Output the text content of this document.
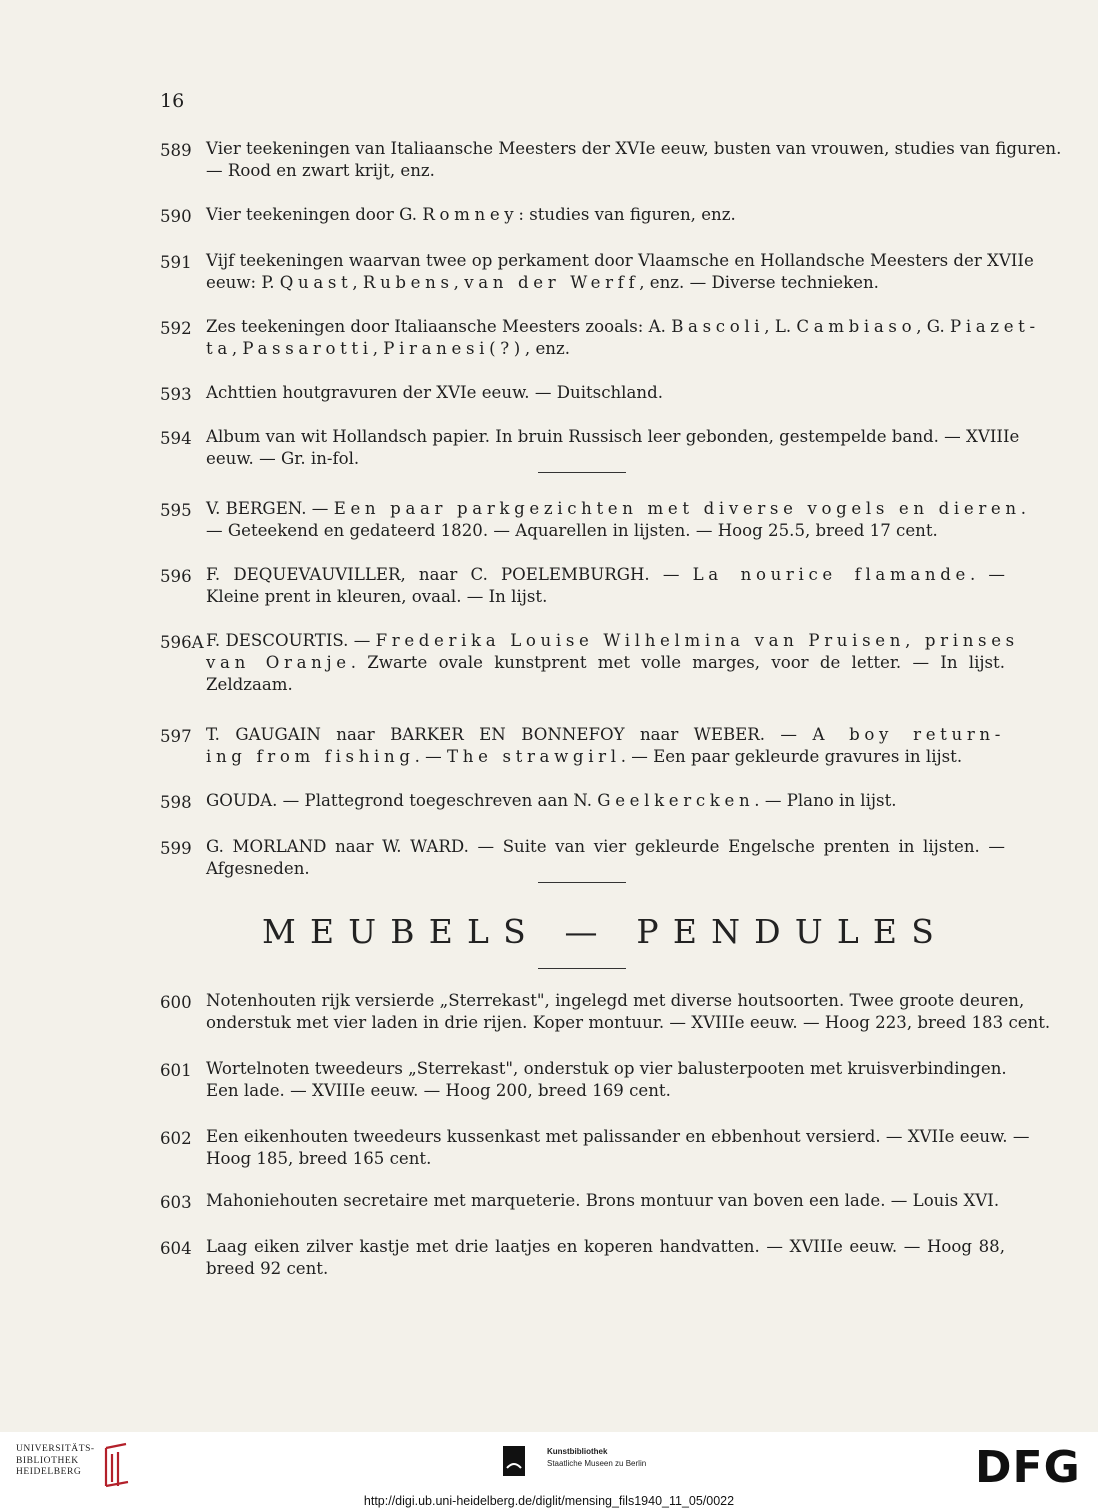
16
589 Vier teekeningen van Italiaansche Meesters der XVIe eeuw, busten van vrouwen, studies van figuren.
— Rood en zwart krijt, enz.
590 Vier teekeningen door G. Romney: studies van figuren, enz.
591 Vijf teekeningen waarvan twee op perkament door Vlaamsche en Hollandsche Meesters der XVIIe
eeuw: P. Quast, Rubens, van der Werff, enz. — Diverse technieken.
592 Zes teekeningen door Italiaansche Meesters zooals: A. Bascoli, L. Cambiaso, G. Piazet-
ta, Passarotti, Piranesi(?), enz.
593 Achttien houtgravuren der XVIe eeuw. — Duitschland.
594 Album van wit Hollandsch papier. In bruin Russisch leer gebonden, gestempelde band. — XVIIIe
eeuw. — Gr. in-fol.
595 V. BERGEN. — Een paar parkgezichten met diverse vogels en dieren.
— Geteekend en gedateerd 1820. — Aquarellen in lijsten. — Hoog 25.5, breed 17 cent.
596 F. DEQUEVAUVILLER, naar C. POELEMBURGH. — La nourice flamande. —
Kleine prent in kleuren, ovaal. — In lijst.
596A F. DESCOURTIS. — Frederika Louise Wilhelmina van Pruisen, prinses
van Oranje. Zwarte ovale kunstprent met volle marges, voor de letter. — In lijst.
Zeldzaam.
597 T. GAUGAIN naar BARKER EN BONNEFOY naar WEBER. — A boy return-
ing from fishing. — The strawgirl. — Een paar gekleurde gravures in lijst.
598 GOUDA. — Plattegrond toegeschreven aan N. Geelkercken. — Plano in lijst.
599 G. MORLAND naar W. WARD. — Suite van vier gekleurde Engelsche prenten in lijsten. —
Afgesneden.
MEUBELS — PENDULES
600 Notenhouten rijk versierde „Sterrekast", ingelegd met diverse houtsoorten. Twee groote deuren,
onderstuk met vier laden in drie rijen. Koper montuur. — XVIIIe eeuw. — Hoog 223, breed 183 cent.
601 Wortelnoten tweedeurs „Sterrekast", onderstuk op vier balusterpooten met kruisverbindingen.
Een lade. — XVIIIe eeuw. — Hoog 200, breed 169 cent.
602 Een eikenhouten tweedeurs kussenkast met palissander en ebbenhout versierd. — XVIIe eeuw. —
Hoog 185, breed 165 cent.
603 Mahoniehouten secretaire met marqueterie. Brons montuur van boven een lade. — Louis XVI.
604 Laag eiken zilver kastje met drie laatjes en koperen handvatten. — XVIIIe eeuw. — Hoog 88,
breed 92 cent.
UNIVERSITÄTS-
BIBLIOTHEK
HEIDELBERG
Kunstbibliothek
Staatliche Museen zu Berlin	DFG
http://digi.ub.uni-heidelberg.de/diglit/mensing_fils1940_11_05/0022
